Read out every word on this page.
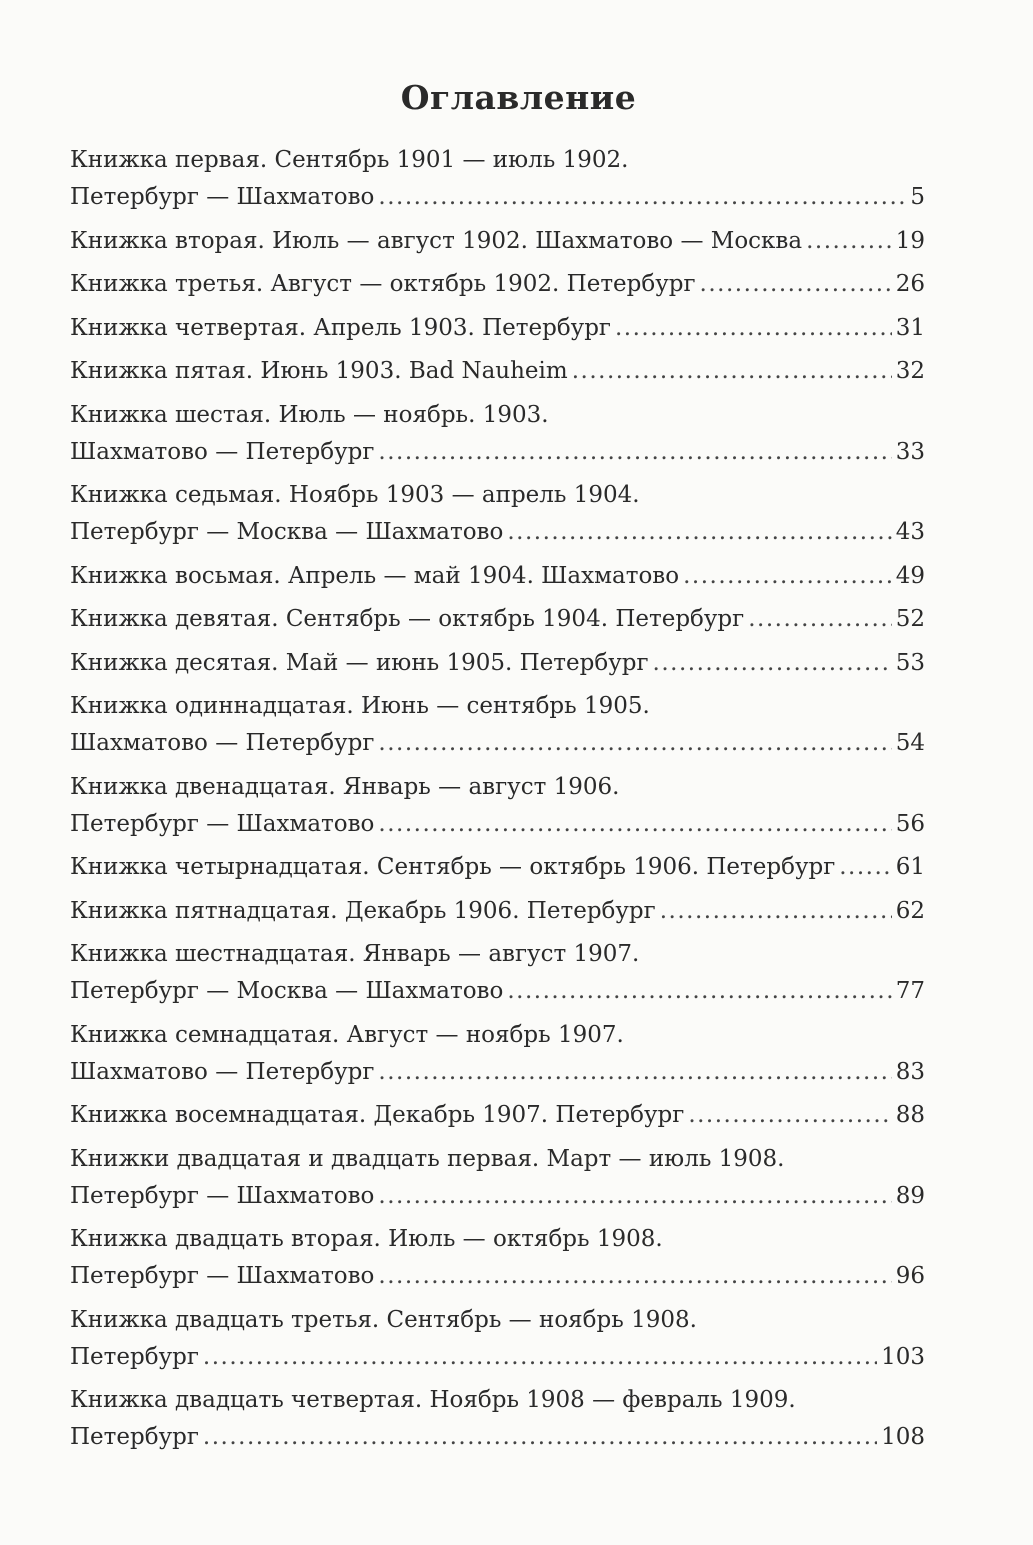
Оглавление
Книжка первая. Сентябрь 1901 — июль 1902.
Петербург — Шахматово .....	5
Книжка вторая. Июль — август 1902. Шахматово — Москва .....	19
Книжка третья. Август — октябрь 1902. Петербург .....	26
Книжка четвертая. Апрель 1903. Петербург .....	31
Книжка пятая. Июнь 1903. Bad Nauheim .....	32
Книжка шестая. Июль — ноябрь. 1903.
Шахматово — Петербург .....	33
Книжка седьмая. Ноябрь 1903 — апрель 1904.
Петербург — Москва — Шахматово .....	43
Книжка восьмая. Апрель — май 1904. Шахматово .....	49
Книжка девятая. Сентябрь — октябрь 1904. Петербург .....	52
Книжка десятая. Май — июнь 1905. Петербург .....	53
Книжка одиннадцатая. Июнь — сентябрь 1905.
Шахматово — Петербург .....	54
Книжка двенадцатая. Январь — август 1906.
Петербург — Шахматово .....	56
Книжка четырнадцатая. Сентябрь — октябрь 1906. Петербург .....	61
Книжка пятнадцатая. Декабрь 1906. Петербург .....	62
Книжка шестнадцатая. Январь — август 1907.
Петербург — Москва — Шахматово .....	77
Книжка семнадцатая. Август — ноябрь 1907.
Шахматово — Петербург .....	83
Книжка восемнадцатая. Декабрь 1907. Петербург .....	88
Книжки двадцатая и двадцать первая. Март — июль 1908.
Петербург — Шахматово .....	89
Книжка двадцать вторая. Июль — октябрь 1908.
Петербург — Шахматово .....	96
Книжка двадцать третья. Сентябрь — ноябрь 1908.
Петербург .....	103
Книжка двадцать четвертая. Ноябрь 1908 — февраль 1909.
Петербург .....	108
